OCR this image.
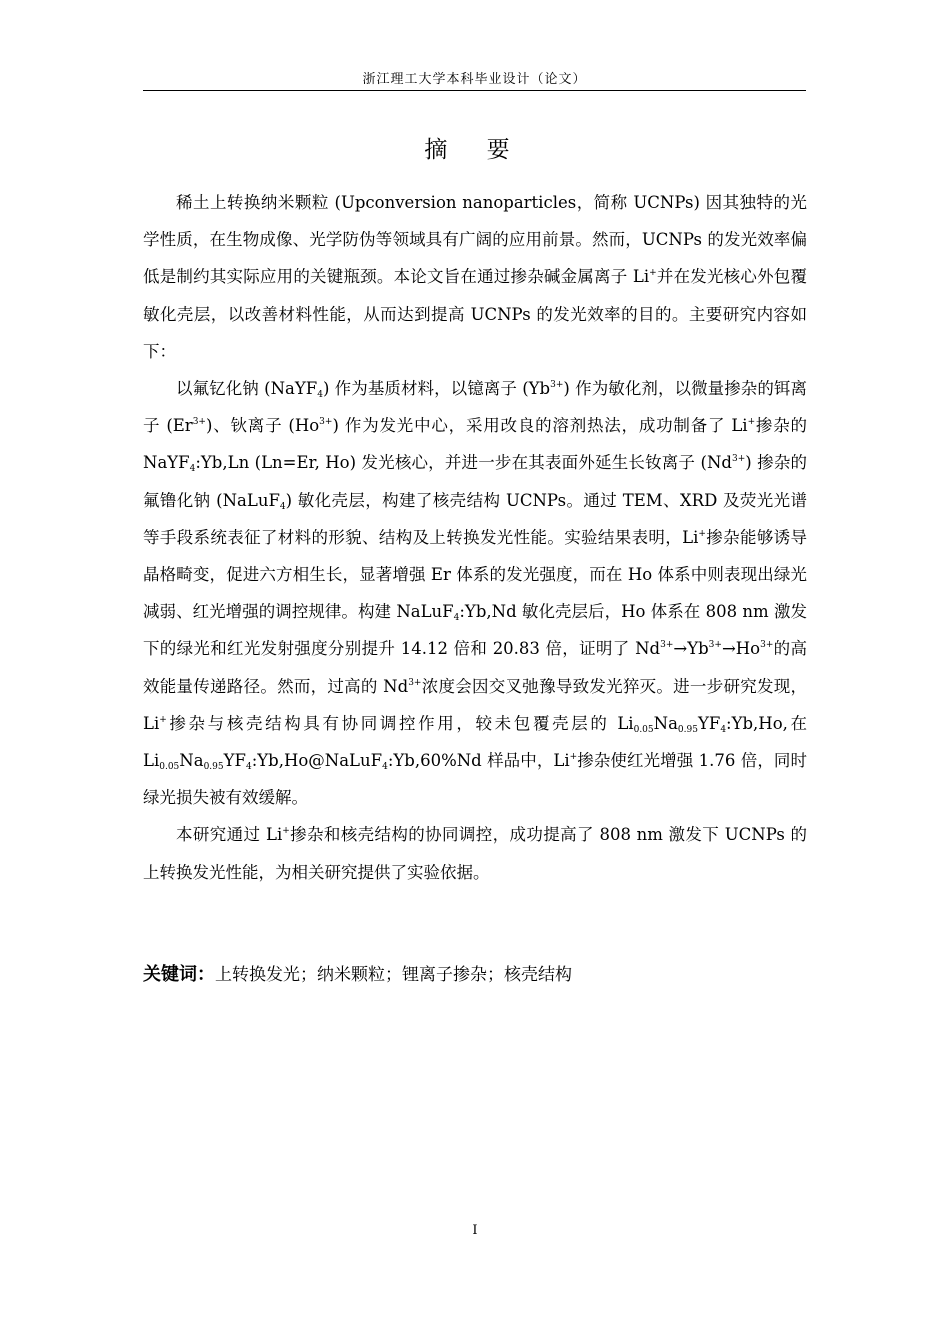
浙江理工大学本科毕业设计（论文）
摘 要

稀土上转换纳米颗粒 (Upconversion nanoparticles，简称 UCNPs) 因其独特的光学性质，在生物成像、光学防伪等领域具有广阔的应用前景。然而，UCNPs 的发光效率偏低是制约其实际应用的关键瓶颈。本论文旨在通过掺杂碱金属离子 Li+并在发光核心外包覆敏化壳层，以改善材料性能，从而达到提高 UCNPs 的发光效率的目的。主要研究内容如下：

以氟钇化钠 (NaYF$_4$) 作为基质材料，以镱离子 $(Yb^{3+})$ 作为敏化剂，以微量掺杂的铒离子 $(Er^{3+})$、钬离子 $(Ho^{3+})$ 作为发光中心，采用改良的溶剂热法，成功制备了 Li+掺杂的 NaYF$_4$:Yb,Ln (Ln=Er, Ho) 发光核心，并进一步在其表面外延生长钕离子 $(Nd^{3+})$ 掺杂的氟镥化钠 (NaLuF$_4$) 敏化壳层，构建了核壳结构 UCNPs。通过 TEM、XRD 及荧光光谱等手段系统表征了材料的形貌、结构及上转换发光性能。实验结果表明，Li+掺杂能够诱导晶格畸变，促进六方相生长，显著增强 Er 体系的发光强度，而在 Ho 体系中则表现出绿光减弱、红光增强的调控规律。构建 NaLuF$_4$:Yb,Nd 敏化壳层后，Ho 体系在 808 nm 激发下的绿光和红光发射强度分别提升 14.12 倍和 20.83 倍，证明了 $Nd^{3+}\to Yb^{3+}\to Ho^{3+}$的高效能量传递路径。然而，过高的 $Nd^{3+}$浓度会因交叉弛豫导致发光猝灭。进一步研究发现，Li+掺杂与核壳结构具有协同调控作用，较未包覆壳层的 $Li_{0.05}Na_{0.95}YF_4:Yb,Ho$,在 $Li_{0.05}Na_{0.95}YF_4:Yb,Ho@NaLuF_4:Yb,60\%Nd$ 样品中，Li+掺杂使红光增强 1.76 倍，同时绿光损失被有效缓解。

本研究通过 Li+掺杂和核壳结构的协同调控，成功提高了 808 nm 激发下 UCNPs 的上转换发光性能，为相关研究提供了实验依据。

关键词：上转换发光；纳米颗粒；锂离子掺杂；核壳结构
I
